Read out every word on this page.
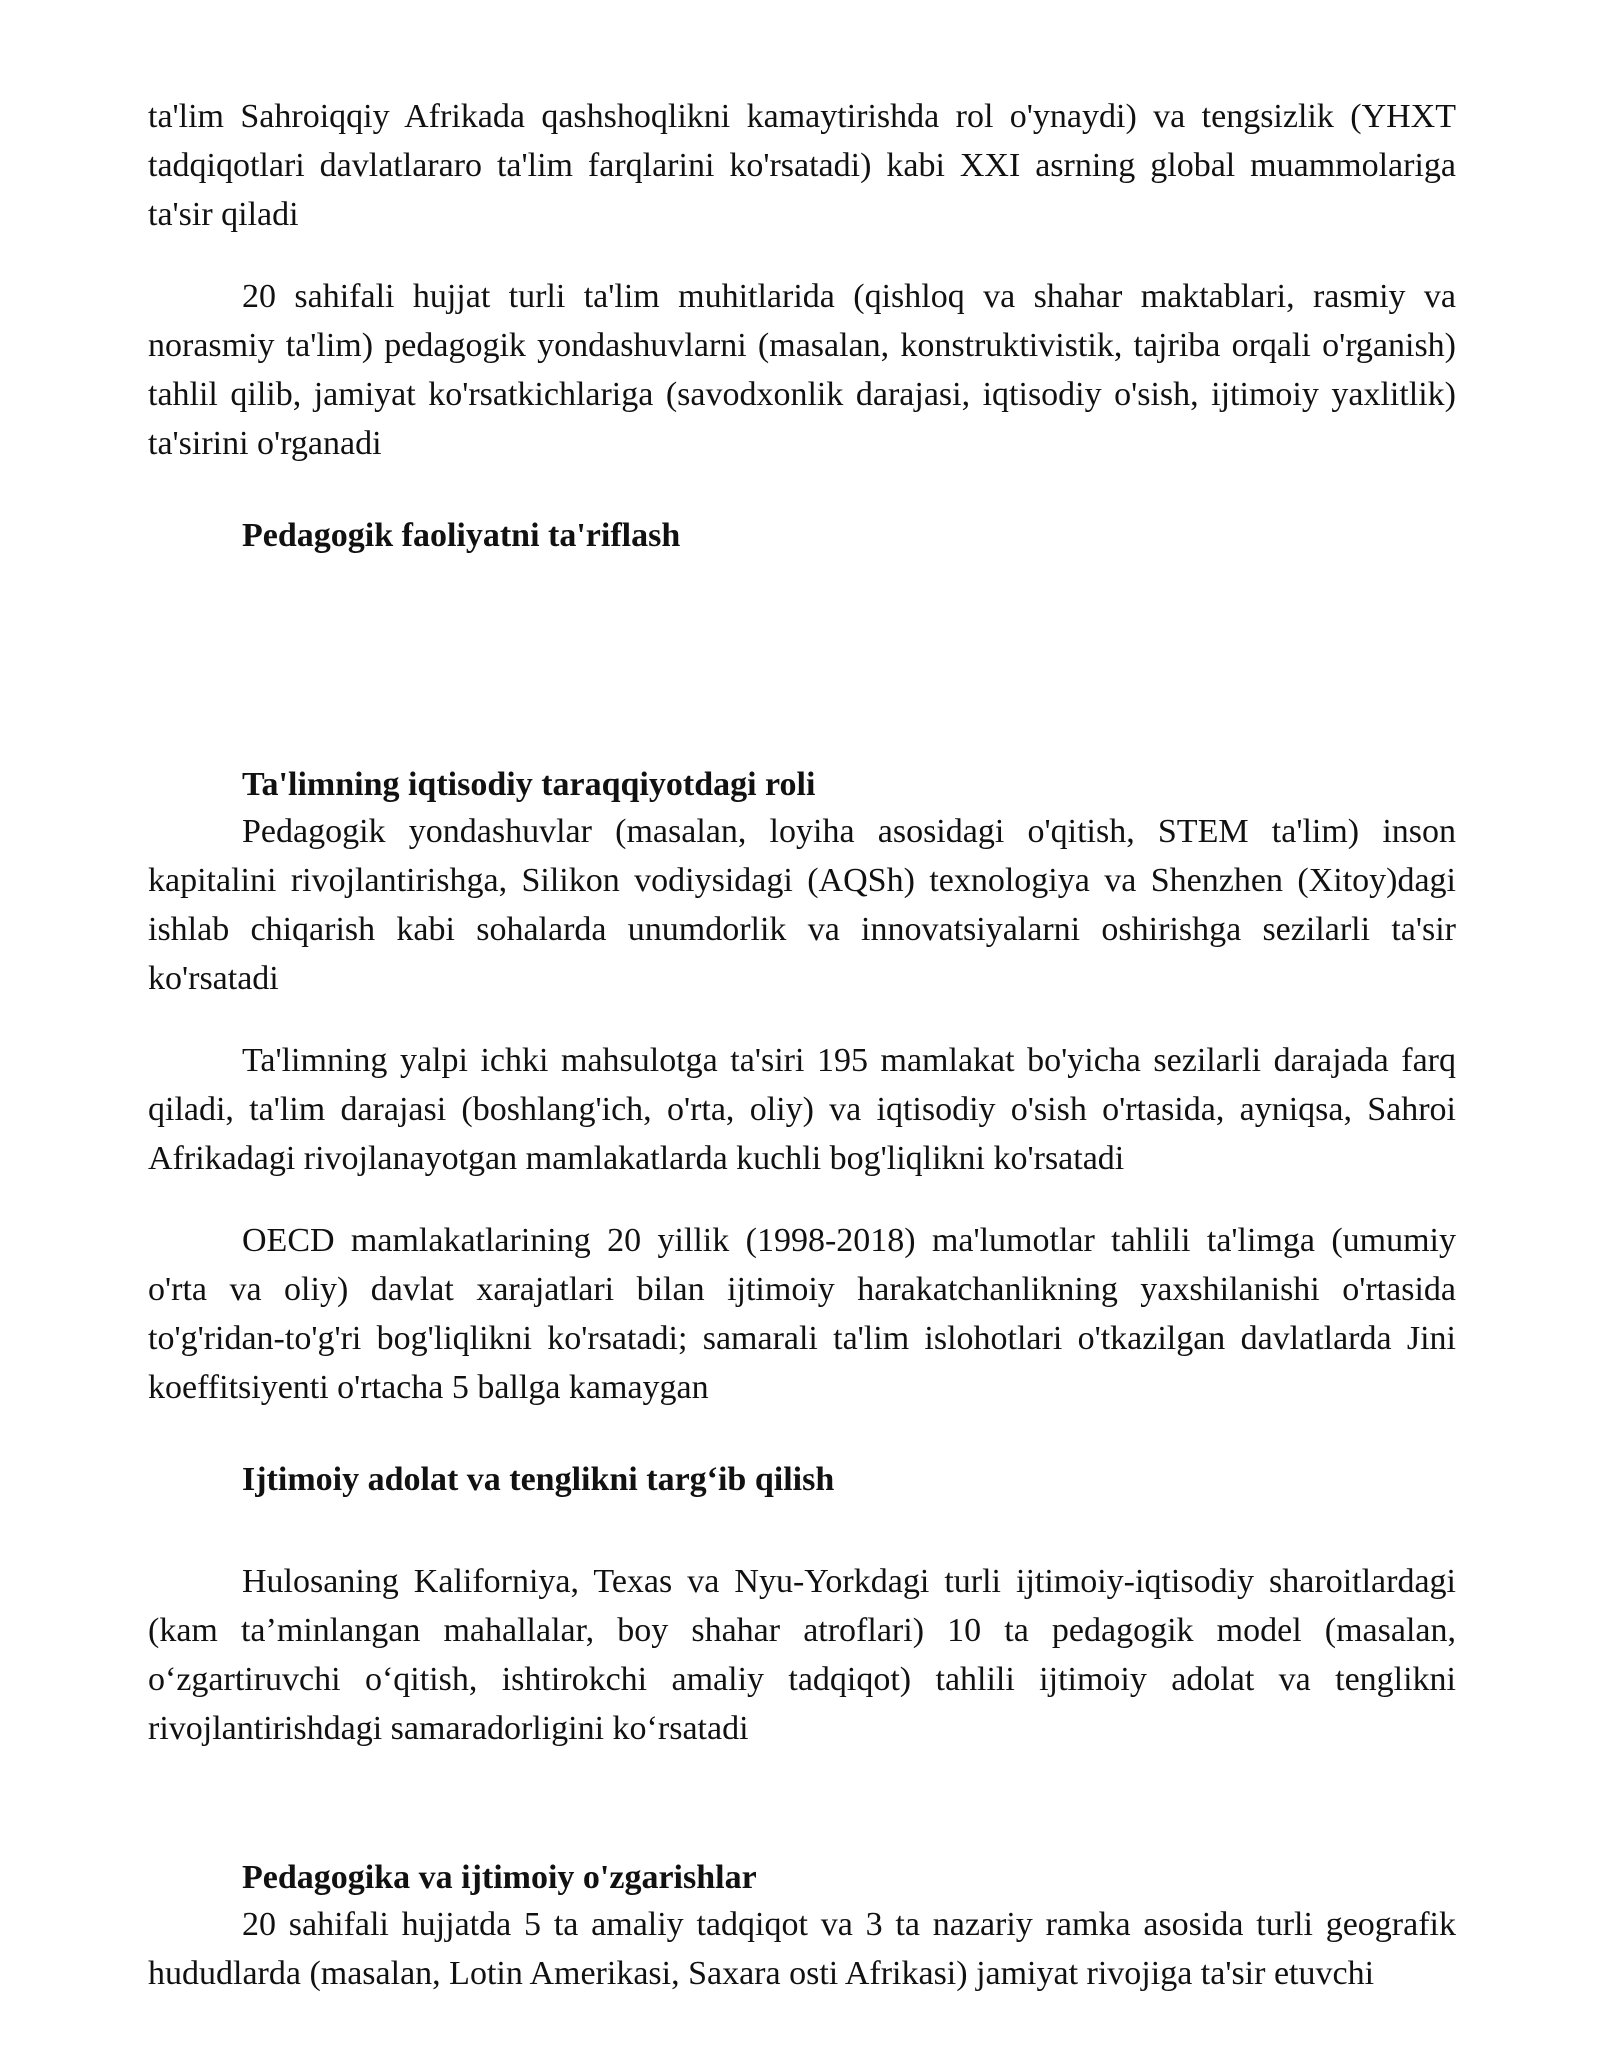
ta'lim Sahroiqqiy Afrikada qashshoqlikni kamaytirishda rol o'ynaydi) va tengsizlik (YHXT tadqiqotlari davlatlararo ta'lim farqlarini ko'rsatadi) kabi XXI asrning global muammolariga ta'sir qiladi

20 sahifali hujjat turli ta'lim muhitlarida (qishloq va shahar maktablari, rasmiy va norasmiy ta'lim) pedagogik yondashuvlarni (masalan, konstruktivistik, tajriba orqali o'rganish) tahlil qilib, jamiyat ko'rsatkichlariga (savodxonlik darajasi, iqtisodiy o'sish, ijtimoiy yaxlitlik) ta'sirini o'rganadi

Pedagogik faoliyatni ta'riflash

Ta'limning iqtisodiy taraqqiyotdagi roli

Pedagogik yondashuvlar (masalan, loyiha asosidagi o'qitish, STEM ta'lim) inson kapitalini rivojlantirishga, Silikon vodiysidagi (AQSh) texnologiya va Shenzhen (Xitoy)dagi ishlab chiqarish kabi sohalarda unumdorlik va innovatsiyalarni oshirishga sezilarli ta'sir ko'rsatadi

Ta'limning yalpi ichki mahsulotga ta'siri 195 mamlakat bo'yicha sezilarli darajada farq qiladi, ta'lim darajasi (boshlang'ich, o'rta, oliy) va iqtisodiy o'sish o'rtasida, ayniqsa, Sahroi Afrikadagi rivojlanayotgan mamlakatlarda kuchli bog'liqlikni ko'rsatadi

OECD mamlakatlarining 20 yillik (1998-2018) ma'lumotlar tahlili ta'limga (umumiy o'rta va oliy) davlat xarajatlari bilan ijtimoiy harakatchanlikning yaxshilanishi o'rtasida to'g'ridan-to'g'ri bog'liqlikni ko'rsatadi; samarali ta'lim islohotlari o'tkazilgan davlatlarda Jini koeffitsiyenti o'rtacha 5 ballga kamaygan

Ijtimoiy adolat va tenglikni targ‘ib qilish

Hulosaning Kaliforniya, Texas va Nyu-Yorkdagi turli ijtimoiy-iqtisodiy sharoitlardagi (kam ta’minlangan mahallalar, boy shahar atroflari) 10 ta pedagogik model (masalan, o‘zgartiruvchi o‘qitish, ishtirokchi amaliy tadqiqot) tahlili ijtimoiy adolat va tenglikni rivojlantirishdagi samaradorligini ko‘rsatadi

Pedagogika va ijtimoiy o'zgarishlar

20 sahifali hujjatda 5 ta amaliy tadqiqot va 3 ta nazariy ramka asosida turli geografik hududlarda (masalan, Lotin Amerikasi, Saxara osti Afrikasi) jamiyat rivojiga ta'sir etuvchi
